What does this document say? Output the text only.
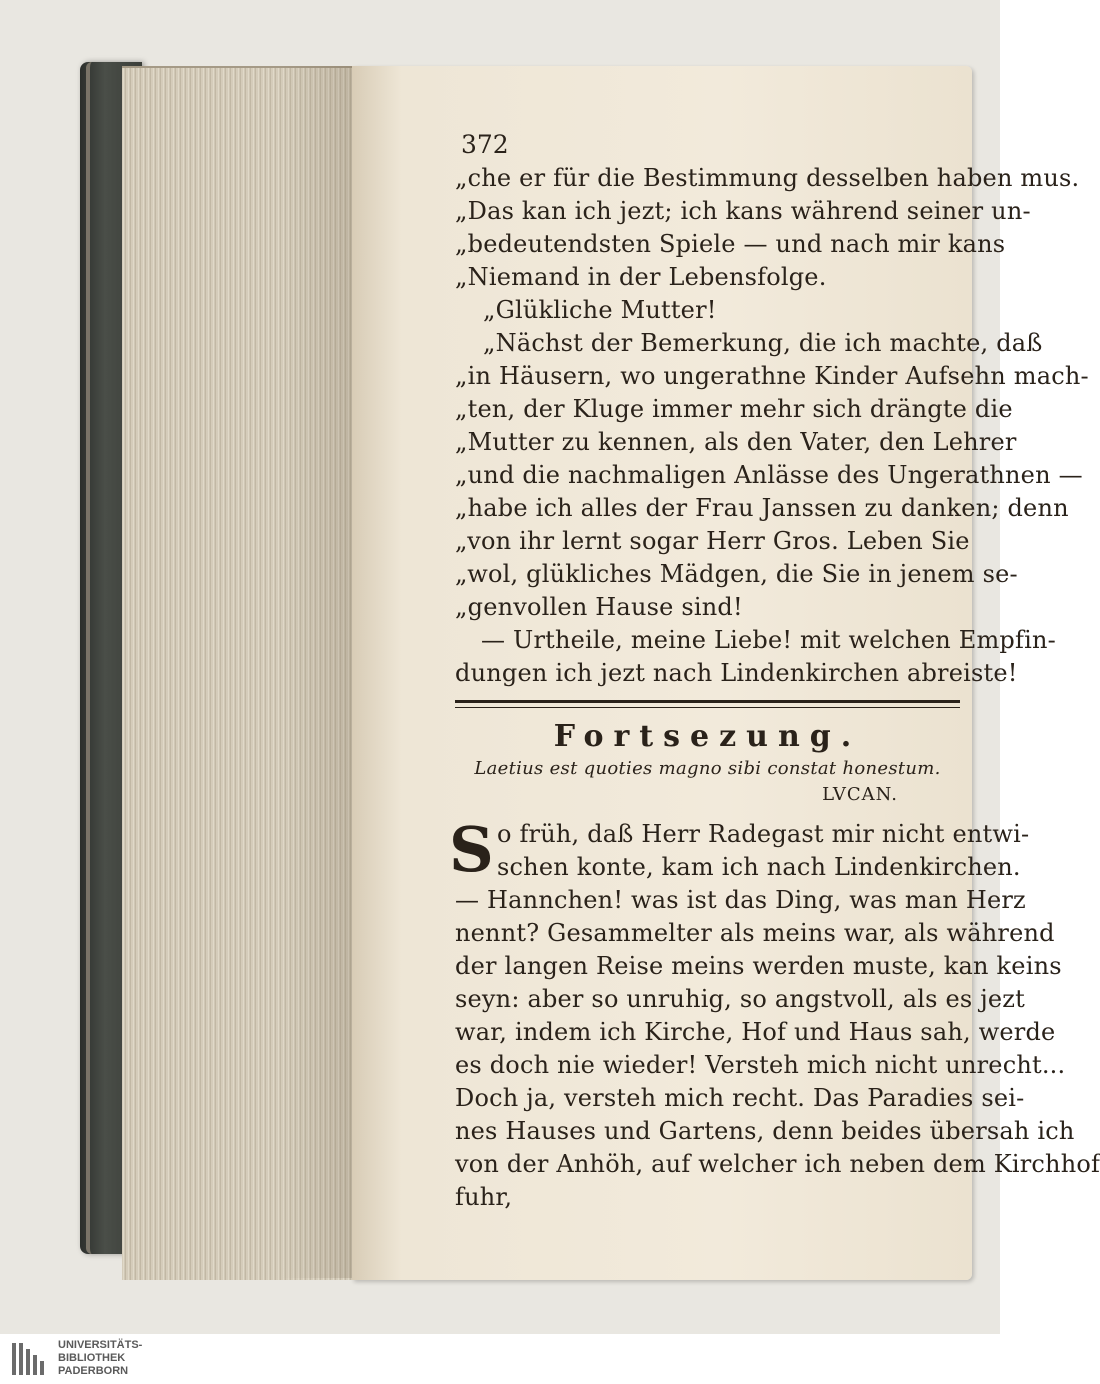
372
„che er für die Bestimmung desselben haben mus.
„Das kan ich jezt; ich kans während seiner un-
„bedeutendsten Spiele — und nach mir kans
„Niemand in der Lebensfolge.
„Glükliche Mutter!
„Nächst der Bemerkung, die ich machte, daß
„in Häusern, wo ungerathne Kinder Aufsehn mach-
„ten, der Kluge immer mehr sich drängte die
„Mutter zu kennen, als den Vater, den Lehrer
„und die nachmaligen Anlässe des Ungerathnen —
„habe ich alles der Frau Janssen zu danken; denn
„von ihr lernt sogar Herr Gros. Leben Sie
„wol, glükliches Mädgen, die Sie in jenem se-
„genvollen Hause sind!
— Urtheile, meine Liebe! mit welchen Empfin-
dungen ich jezt nach Lindenkirchen abreiste!
Fortsezung.
Laetius est quoties magno sibi constat honestum.
LVCAN.
S o früh, daß Herr Radegast mir nicht entwi-
schen konte, kam ich nach Lindenkirchen.
— Hannchen! was ist das Ding, was man Herz
nennt? Gesammelter als meins war, als während
der langen Reise meins werden muste, kan keins
seyn: aber so unruhig, so angstvoll, als es jezt
war, indem ich Kirche, Hof und Haus sah, werde
es doch nie wieder! Versteh mich nicht unrecht...
Doch ja, versteh mich recht. Das Paradies sei-
nes Hauses und Gartens, denn beides übersah ich
von der Anhöh, auf welcher ich neben dem Kirchhof
fuhr,
UNIVERSITÄTS-
BIBLIOTHEK
PADERBORN
